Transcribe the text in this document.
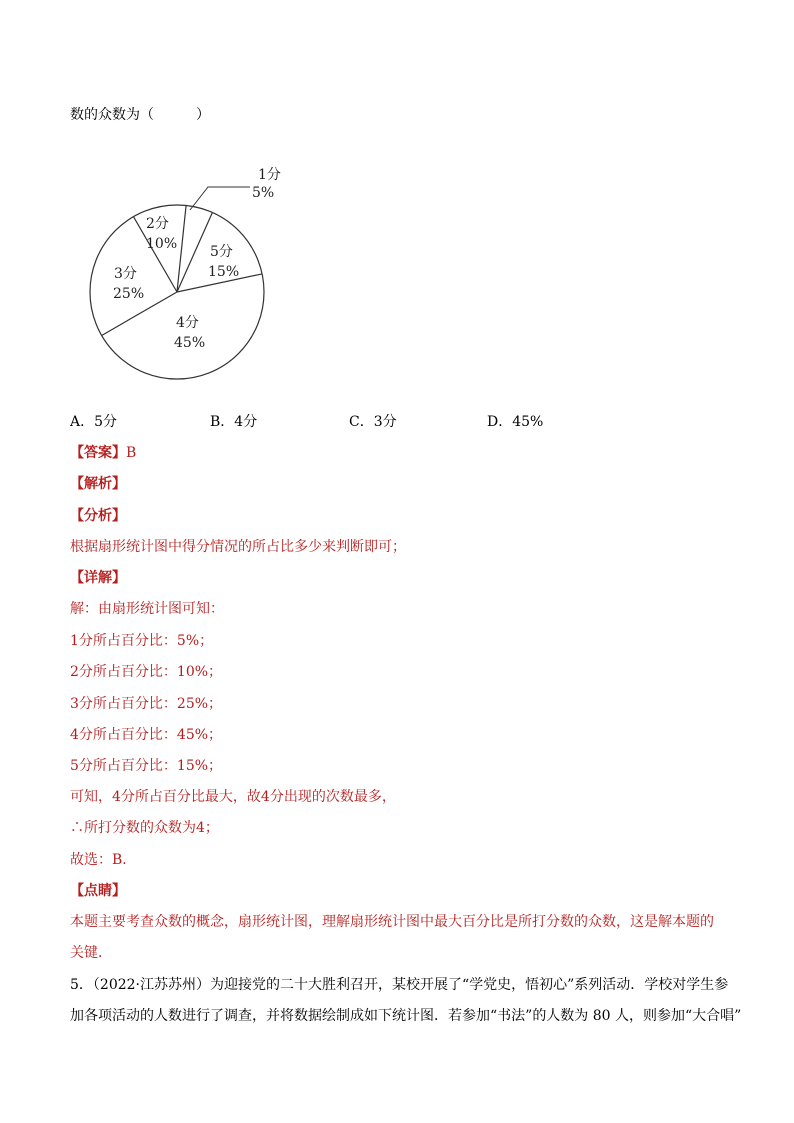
数的众数为（　　　）
1分
5%
5分
15%
4分
45%
3分
25%
2分
10%
A．5分	B．4分	C．3分	D．45%
【答案】B
【解析】
【分析】
根据扇形统计图中得分情况的所占比多少来判断即可；
【详解】
解：由扇形统计图可知：
1分所占百分比：5%；
2分所占百分比：10%；
3分所占百分比：25%；
4分所占百分比：45%；
5分所占百分比：15%；
可知，4分所占百分比最大，故4分出现的次数最多，
∴所打分数的众数为4；
故选：B．
【点睛】
本题主要考查众数的概念，扇形统计图，理解扇形统计图中最大百分比是所打分数的众数，这是解本题的
关键．
5．（2022·江苏苏州）为迎接党的二十大胜利召开，某校开展了“学党史，悟初心”系列活动．学校对学生参
加各项活动的人数进行了调查，并将数据绘制成如下统计图．若参加“书法”的人数为 80 人，则参加“大合唱”
